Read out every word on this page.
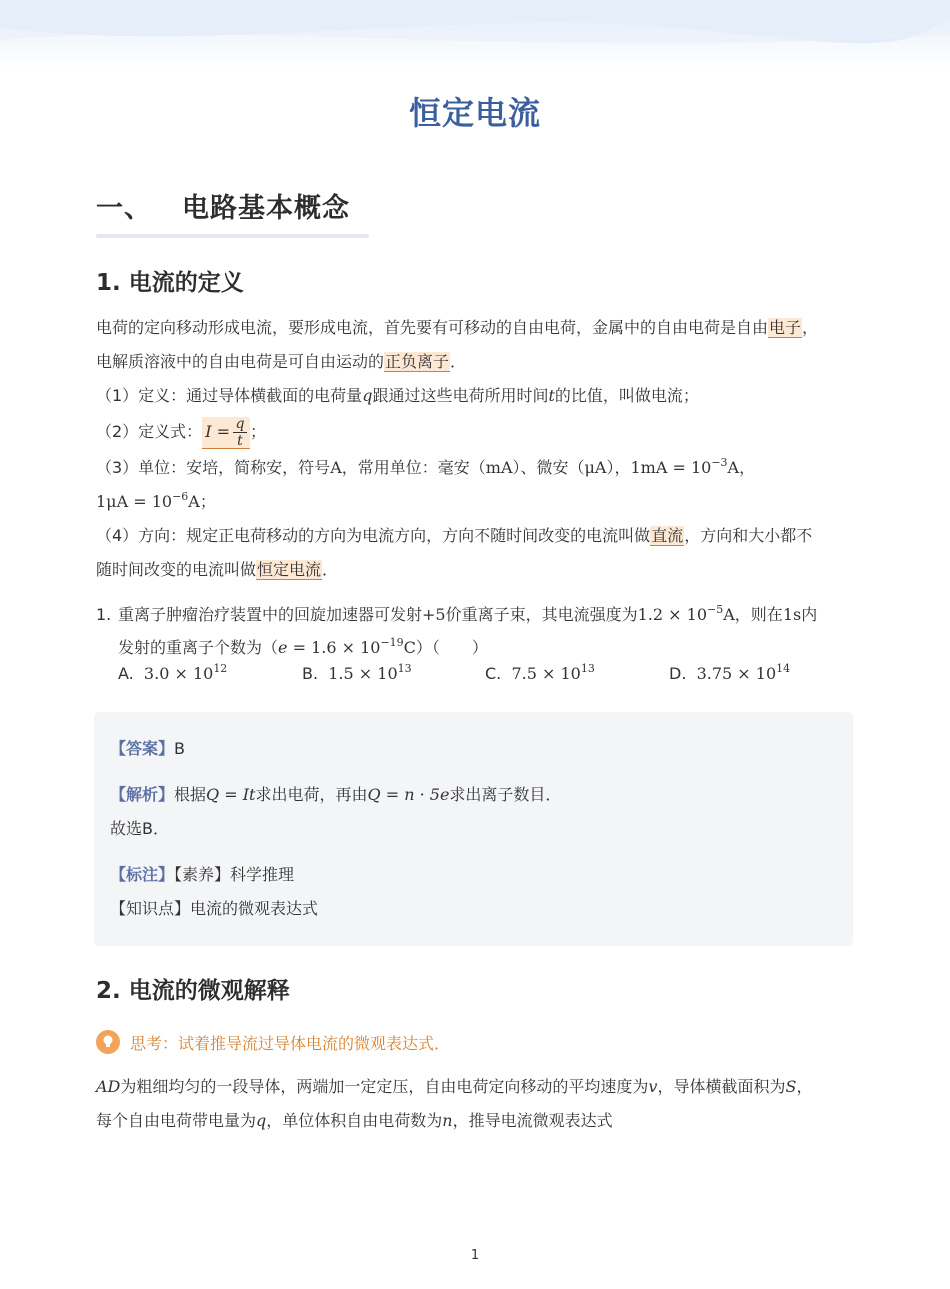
恒定电流
一、 电路基本概念
1. 电流的定义

电荷的定向移动形成电流，要形成电流，首先要有可移动的自由电荷，金属中的自由电荷是自由电子，

电解质溶液中的自由电荷是可自由运动的正负离子．

（1）定义：通过导体横截面的电荷量q跟通过这些电荷所用时间t的比值，叫做电流；

（2）定义式： $I = \frac{q}{t}$ ；

（3）单位：安培，简称安，符号A，常用单位：毫安（mA）、微安（μA），$1mA = 10^{-3}A$，

$1\mu A = 10^{-6}A$；

（4）方向：规定正电荷移动的方向为电流方向，方向不随时间改变的电流叫做直流，方向和大小都不

随时间改变的电流叫做恒定电流．

1. 重离子肿瘤治疗装置中的回旋加速器可发射+5价重离子束，其电流强度为$1.2 \times 10^{-5}A$，则在1s内
发射的重离子个数为$(e = 1.6 \times 10^{-19}C)$（　　）
A. $3.0 \times 10^{12}$	B. $1.5 \times 10^{13}$	C. $7.5 \times 10^{13}$	D. $3.75 \times 10^{14}$
【答案】B
【解析】根据Q = It求出电荷，再由Q = n · 5e求出离子数目．
故选B．
【标注】【素养】科学推理
【知识点】电流的微观表达式
2. 电流的微观解释
思考：试着推导流过导体电流的微观表达式．

AD为粗细均匀的一段导体，两端加一定定压，自由电荷定向移动的平均速度为v，导体横截面积为S，

每个自由电荷带电量为q，单位体积自由电荷数为n，推导电流微观表达式

1
